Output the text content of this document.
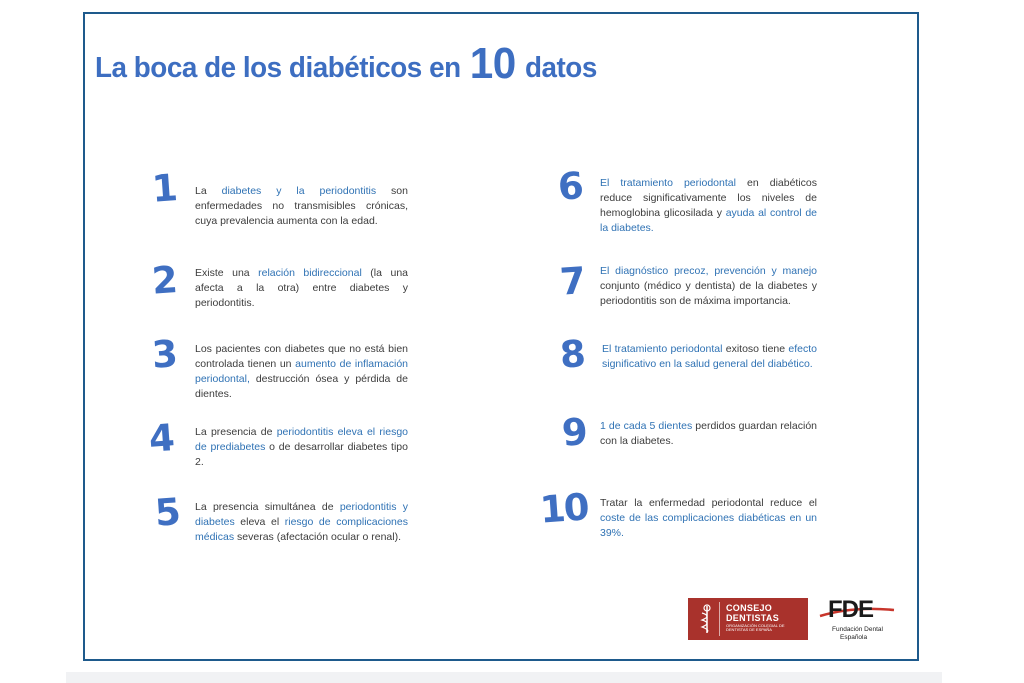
La boca de los diabéticos en 10 datos
1 La diabetes y la periodontitis son enfermedades no transmisibles crónicas, cuya prevalencia aumenta con la edad.
2 Existe una relación bidireccional (la una afecta a la otra) entre diabetes y periodontitis.
3 Los pacientes con diabetes que no está bien controlada tienen un aumento de inflamación periodontal, destrucción ósea y pérdida de dientes.
4 La presencia de periodontitis eleva el riesgo de prediabetes o de desarrollar diabetes tipo 2.
5 La presencia simultánea de periodontitis y diabetes eleva el riesgo de complicaciones médicas severas (afectación ocular o renal).
6 El tratamiento periodontal en diabéticos reduce significativamente los niveles de hemoglobina glicosilada y ayuda al control de la diabetes.
7 El diagnóstico precoz, prevención y manejo conjunto (médico y dentista) de la diabetes y periodontitis son de máxima importancia.
8 El tratamiento periodontal exitoso tiene efecto significativo en la salud general del diabético.
9 1 de cada 5 dientes perdidos guardan relación con la diabetes.
10 Tratar la enfermedad periodontal reduce el coste de las complicaciones diabéticas en un 39%.
CONSEJO
DENTISTAS
ORGANIZACIÓN COLEGIAL DE DENTISTAS DE ESPAÑA
FDE
Fundación Dental
Española
